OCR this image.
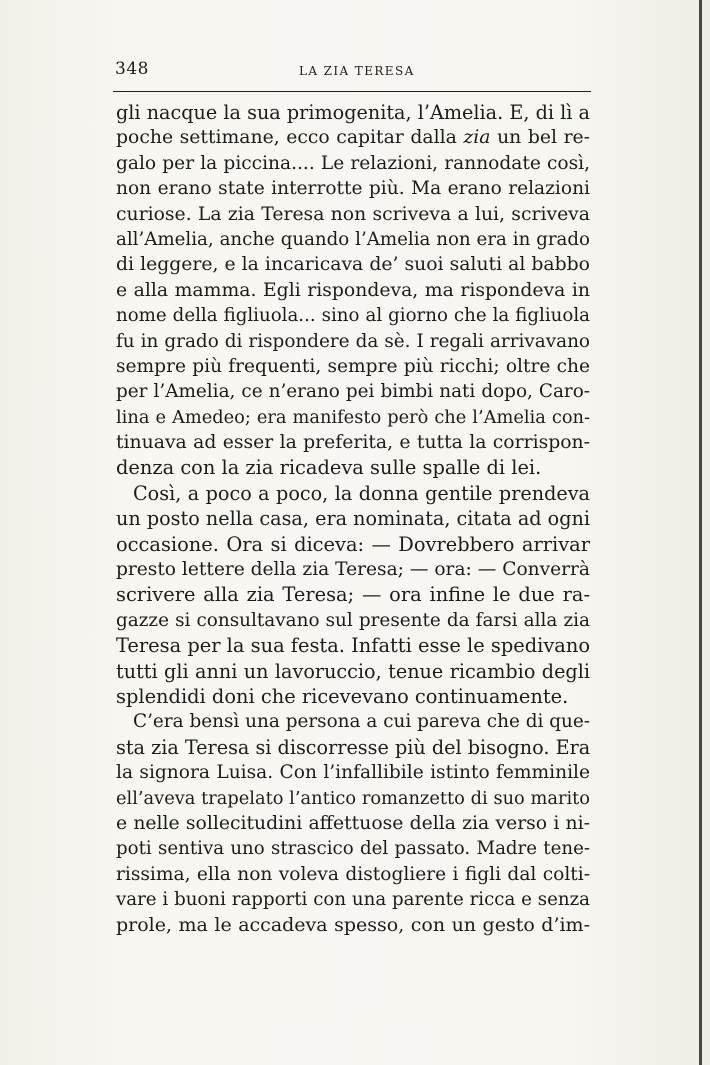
348	LA ZIA TERESA
gli nacque la sua primogenita, l’Amelia. E, di lì a
poche settimane, ecco capitar dalla zia un bel re-
galo per la piccina.... Le relazioni, rannodate così,
non erano state interrotte più. Ma erano relazioni
curiose. La zia Teresa non scriveva a lui, scriveva
all’Amelia, anche quando l’Amelia non era in grado
di leggere, e la incaricava de’ suoi saluti al babbo
e alla mamma. Egli rispondeva, ma rispondeva in
nome della figliuola... sino al giorno che la figliuola
fu in grado di rispondere da sè. I regali arrivavano
sempre più frequenti, sempre più ricchi; oltre che
per l’Amelia, ce n’erano pei bimbi nati dopo, Caro-
lina e Amedeo; era manifesto però che l’Amelia con-
tinuava ad esser la preferita, e tutta la corrispon-
denza con la zia ricadeva sulle spalle di lei.
Così, a poco a poco, la donna gentile prendeva
un posto nella casa, era nominata, citata ad ogni
occasione. Ora si diceva: — Dovrebbero arrivar
presto lettere della zia Teresa; — ora: — Converrà
scrivere alla zia Teresa; — ora infine le due ra-
gazze si consultavano sul presente da farsi alla zia
Teresa per la sua festa. Infatti esse le spedivano
tutti gli anni un lavoruccio, tenue ricambio degli
splendidi doni che ricevevano continuamente.
C’era bensì una persona a cui pareva che di que-
sta zia Teresa si discorresse più del bisogno. Era
la signora Luisa. Con l’infallibile istinto femminile
ell’aveva trapelato l’antico romanzetto di suo marito
e nelle sollecitudini affettuose della zia verso i ni-
poti sentiva uno strascico del passato. Madre tene-
rissima, ella non voleva distogliere i figli dal colti-
vare i buoni rapporti con una parente ricca e senza
prole, ma le accadeva spesso, con un gesto d’im-
